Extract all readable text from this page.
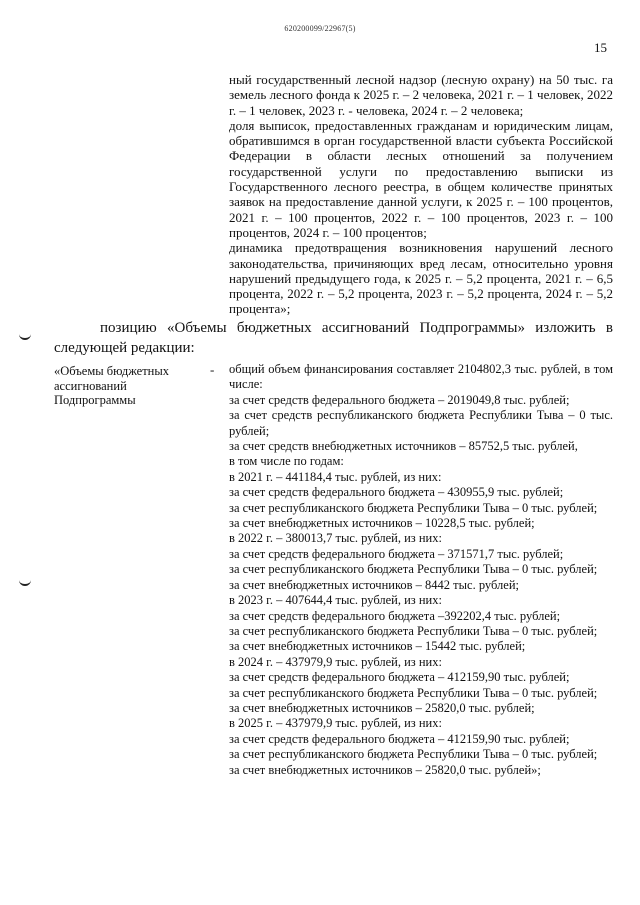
620200099/22967(5)
15

ный государственный лесной надзор (лесную охрану) на 50 тыс. га земель лесного фонда к 2025 г. – 2 человека, 2021 г. – 1 человек, 2022 г. – 1 человек, 2023 г. - человека, 2024 г. – 2 человека;

доля выписок, предоставленных гражданам и юридическим лицам, обратившимся в орган государственной власти субъекта Российской Федерации в области лесных отношений за получением государственной услуги по предоставлению выписки из Государственного лесного реестра, в общем количестве принятых заявок на предоставление данной услуги, к 2025 г. – 100 процентов, 2021 г. – 100 процентов, 2022 г. – 100 процентов, 2023 г. – 100 процентов, 2024 г. – 100 процентов;

динамика предотвращения возникновения нарушений лесного законодательства, причиняющих вред лесам, относительно уровня нарушений предыдущего года, к 2025 г. – 5,2 процента, 2021 г. – 6,5 процента, 2022 г. – 5,2 процента, 2023 г. – 5,2 процента, 2024 г. – 5,2 процента»;

позицию «Объемы бюджетных ассигнований Подпрограммы» изложить в следующей редакции:

«Объемы бюджетных ассигнований Подпрограммы
- общий объем финансирования составляет 2104802,3 тыс. рублей, в том числе:

за счет средств федерального бюджета – 2019049,8 тыс. рублей;

за счет средств республиканского бюджета Республики Тыва – 0 тыс. рублей;

за счет средств внебюджетных источников – 85752,5 тыс. рублей,

в том числе по годам:

в 2021 г. – 441184,4 тыс. рублей, из них:

за счет средств федерального бюджета – 430955,9 тыс. рублей;

за счет республиканского бюджета Республики Тыва – 0 тыс. рублей;

за счет внебюджетных источников – 10228,5 тыс. рублей;

в 2022 г. – 380013,7 тыс. рублей, из них:

за счет средств федерального бюджета – 371571,7 тыс. рублей;

за счет республиканского бюджета Республики Тыва – 0 тыс. рублей;

за счет внебюджетных источников – 8442 тыс. рублей;

в 2023 г. – 407644,4 тыс. рублей, из них:

за счет средств федерального бюджета –392202,4 тыс. рублей;

за счет республиканского бюджета Республики Тыва – 0 тыс. рублей;

за счет внебюджетных источников – 15442 тыс. рублей;

в 2024 г. – 437979,9 тыс. рублей, из них:

за счет средств федерального бюджета – 412159,90 тыс. рублей;

за счет республиканского бюджета Республики Тыва – 0 тыс. рублей;

за счет внебюджетных источников – 25820,0 тыс. рублей;

в 2025 г. – 437979,9 тыс. рублей, из них:

за счет средств федерального бюджета – 412159,90 тыс. рублей;

за счет республиканского бюджета Республики Тыва – 0 тыс. рублей;

за счет внебюджетных источников – 25820,0 тыс. рублей»;
